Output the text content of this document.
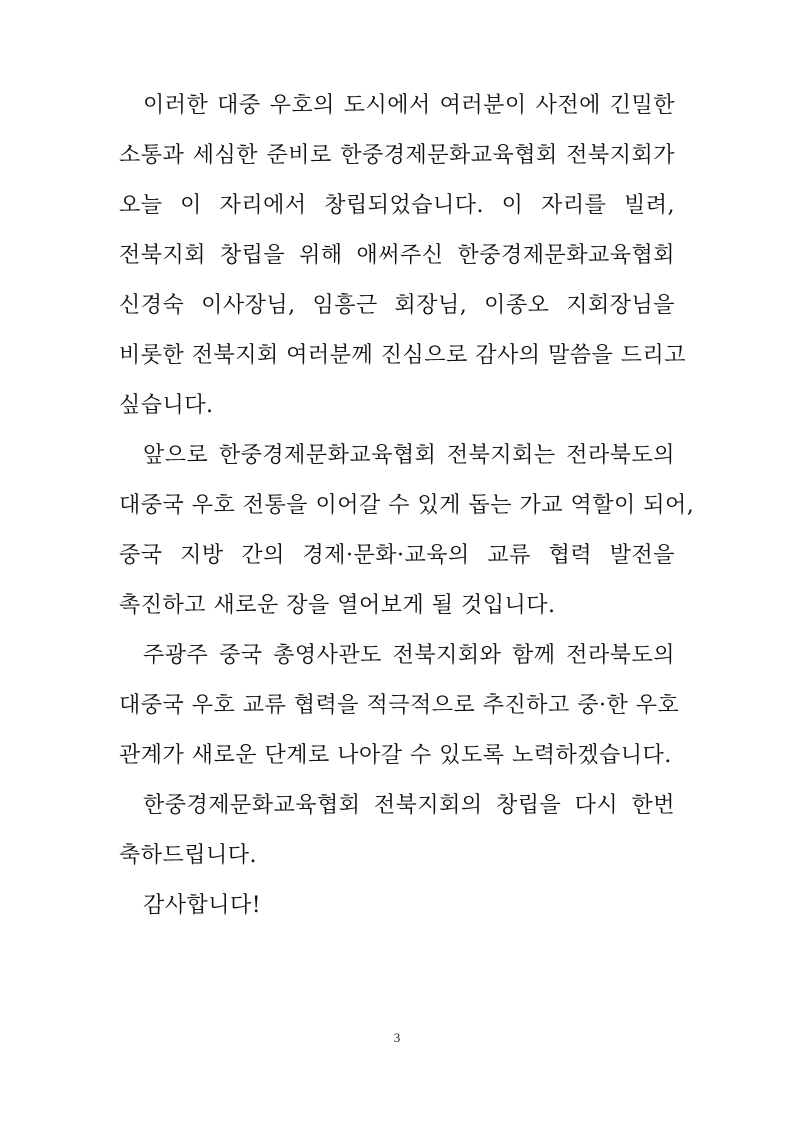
이러한 대중 우호의 도시에서 여러분이 사전에 긴밀한
소통과 세심한 준비로 한중경제문화교육협회 전북지회가
오늘 이 자리에서 창립되었습니다. 이 자리를 빌려,
전북지회 창립을 위해 애써주신 한중경제문화교육협회
신경숙 이사장님, 임흥근 회장님, 이종오 지회장님을
비롯한 전북지회 여러분께 진심으로 감사의 말씀을 드리고
싶습니다.
앞으로 한중경제문화교육협회 전북지회는 전라북도의
대중국 우호 전통을 이어갈 수 있게 돕는 가교 역할이 되어,
중국 지방 간의 경제·문화·교육의 교류 협력 발전을
촉진하고 새로운 장을 열어보게 될 것입니다.
주광주 중국 총영사관도 전북지회와 함께 전라북도의
대중국 우호 교류 협력을 적극적으로 추진하고 중·한 우호
관계가 새로운 단계로 나아갈 수 있도록 노력하겠습니다.
한중경제문화교육협회 전북지회의 창립을 다시 한번
축하드립니다.
감사합니다!
3
